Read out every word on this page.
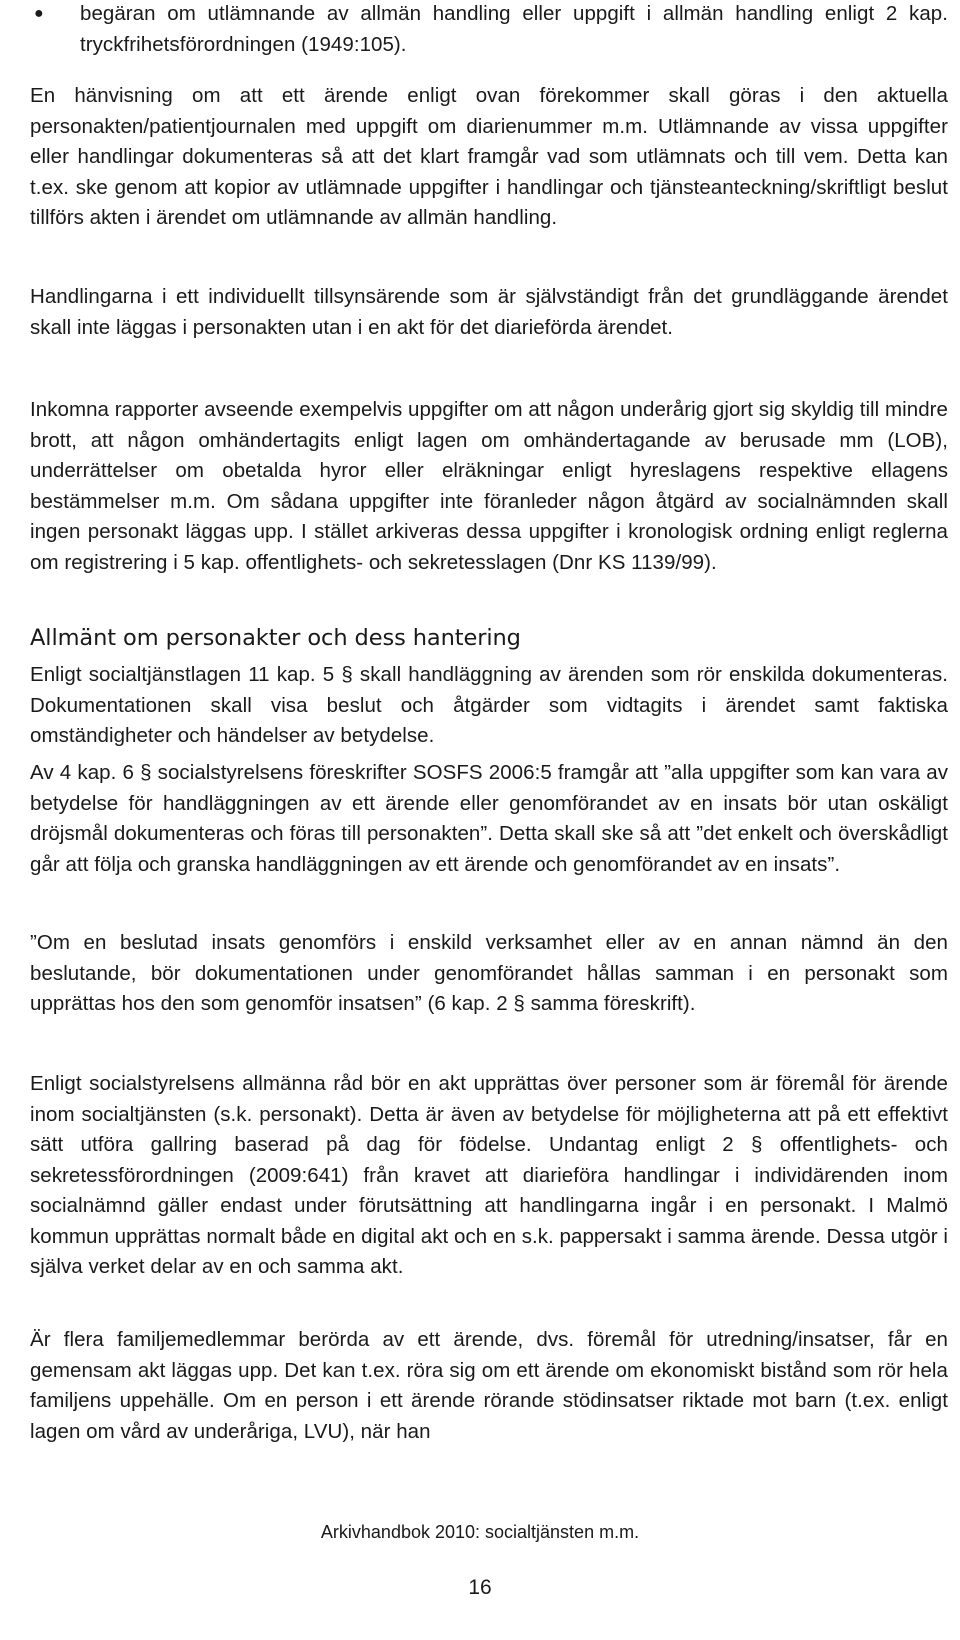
●	begäran om utlämnande av allmän handling eller uppgift i allmän handling enligt 2 kap. tryckfrihetsförordningen (1949:105).

En hänvisning om att ett ärende enligt ovan förekommer skall göras i den aktuella personakten/patientjournalen med uppgift om diarienummer m.m. Utlämnande av vissa uppgifter eller handlingar dokumenteras så att det klart framgår vad som utlämnats och till vem. Detta kan t.ex. ske genom att kopior av utlämnade uppgifter i handlingar och tjänsteanteckning/skriftligt beslut tillförs akten i ärendet om utlämnande av allmän handling.

Handlingarna i ett individuellt tillsynsärende som är självständigt från det grundläggande ärendet skall inte läggas i personakten utan i en akt för det diarieförda ärendet.

Inkomna rapporter avseende exempelvis uppgifter om att någon underårig gjort sig skyldig till mindre brott, att någon omhändertagits enligt lagen om omhändertagande av berusade mm (LOB), underrättelser om obetalda hyror eller elräkningar enligt hyreslagens respektive ellagens bestämmelser m.m. Om sådana uppgifter inte föranleder någon åtgärd av socialnämnden skall ingen personakt läggas upp. I stället arkiveras dessa uppgifter i kronologisk ordning enligt reglerna om registrering i 5 kap. offentlighets- och sekretesslagen (Dnr KS 1139/99).

Allmänt om personakter och dess hantering

Enligt socialtjänstlagen 11 kap. 5 § skall handläggning av ärenden som rör enskilda dokumenteras. Dokumentationen skall visa beslut och åtgärder som vidtagits i ärendet samt faktiska omständigheter och händelser av betydelse.

Av 4 kap. 6 § socialstyrelsens föreskrifter SOSFS 2006:5 framgår att ”alla uppgifter som kan vara av betydelse för handläggningen av ett ärende eller genomförandet av en insats bör utan oskäligt dröjsmål dokumenteras och föras till personakten”. Detta skall ske så att ”det enkelt och överskådligt går att följa och granska handläggningen av ett ärende och genomförandet av en insats”.

”Om en beslutad insats genomförs i enskild verksamhet eller av en annan nämnd än den beslutande, bör dokumentationen under genomförandet hållas samman i en personakt som upprättas hos den som genomför insatsen” (6 kap. 2 § samma föreskrift).

Enligt socialstyrelsens allmänna råd bör en akt upprättas över personer som är föremål för ärende inom socialtjänsten (s.k. personakt). Detta är även av betydelse för möjligheterna att på ett effektivt sätt utföra gallring baserad på dag för födelse. Undantag enligt 2 § offentlighets- och sekretessförordningen (2009:641) från kravet att diarieföra handlingar i individärenden inom socialnämnd gäller endast under förutsättning att handlingarna ingår i en personakt. I Malmö kommun upprättas normalt både en digital akt och en s.k. pappersakt i samma ärende. Dessa utgör i själva verket delar av en och samma akt.

Är flera familjemedlemmar berörda av ett ärende, dvs. föremål för utredning/insatser, får en gemensam akt läggas upp. Det kan t.ex. röra sig om ett ärende om ekonomiskt bistånd som rör hela familjens uppehälle. Om en person i ett ärende rörande stödinsatser riktade mot barn (t.ex. enligt lagen om vård av underåriga, LVU), när han

Arkivhandbok 2010: socialtjänsten m.m.
16
